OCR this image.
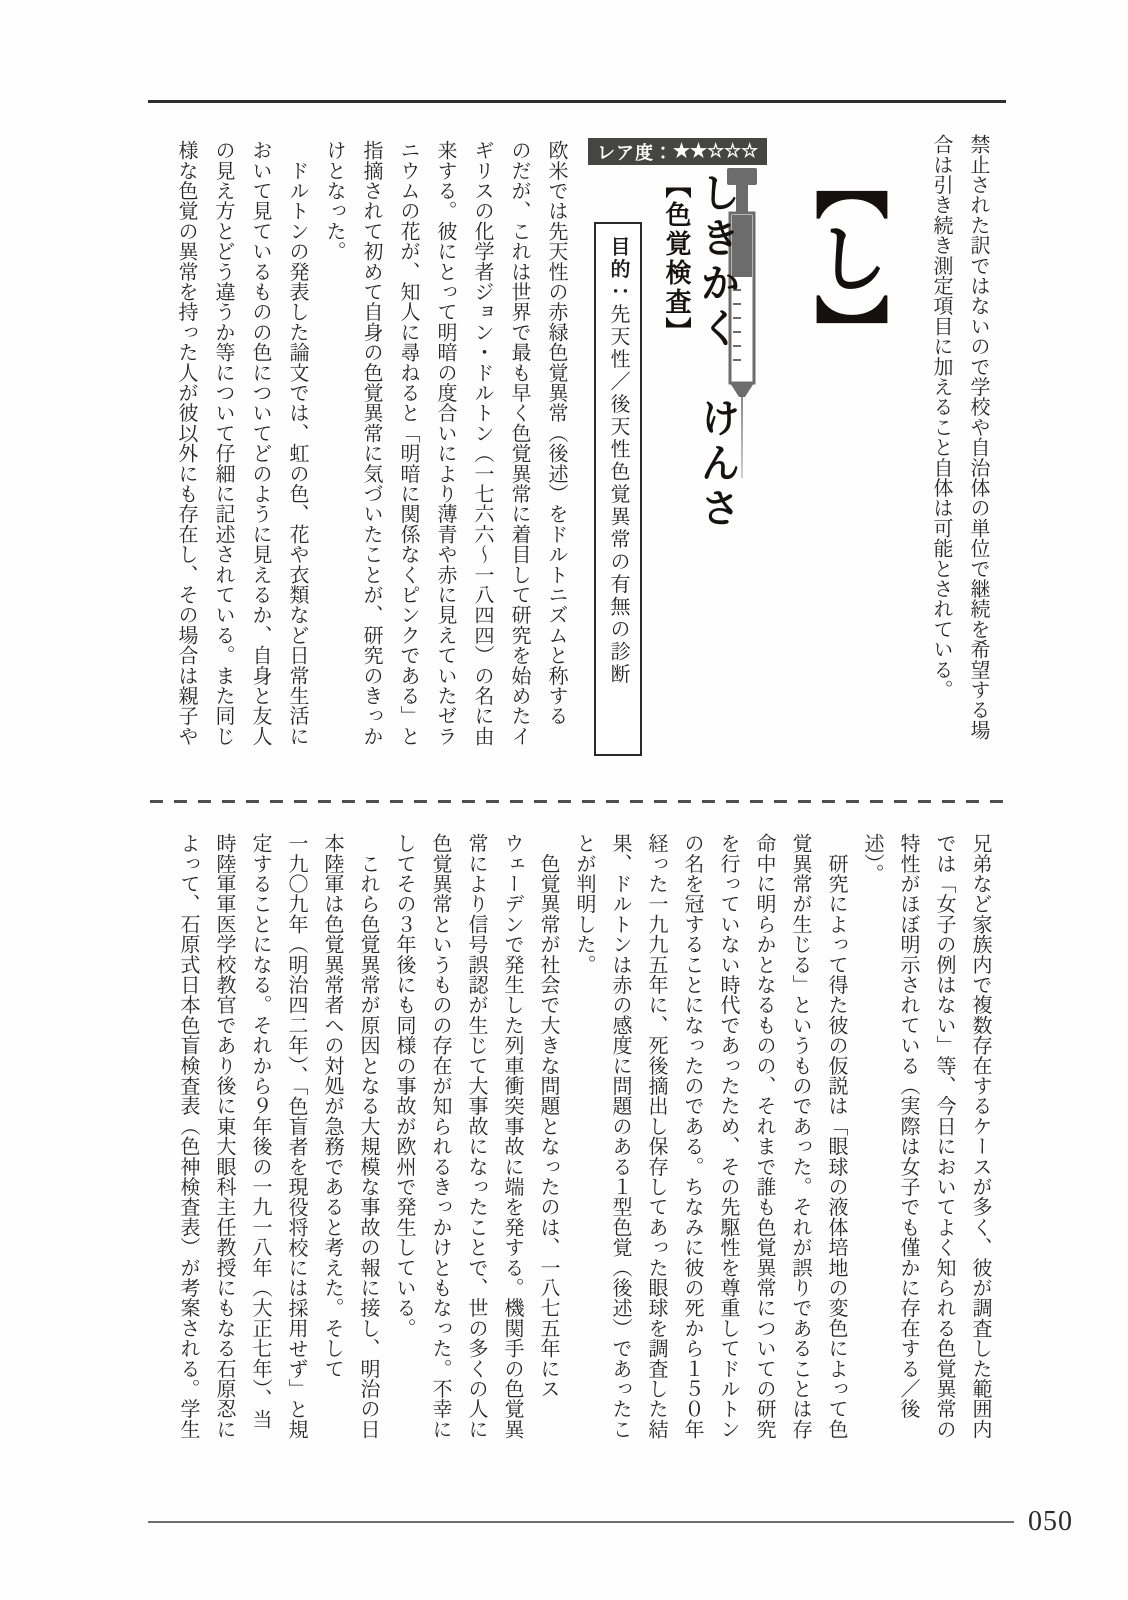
禁止された訳ではないので学校や自治体の単位で継続を希望する場
合は引き続き測定項目に加えること自体は可能とされている。
【し】
レア度： ★★☆☆☆
しきかく　けんさ
【色覚検査】
目的：先天性／後天性色覚異常の有無の診断
欧米では先天性の赤緑色覚異常（後述）をドルトニズムと称する
のだが、これは世界で最も早く色覚異常に着目して研究を始めたイ
ギリスの化学者ジョン・ドルトン（一七六六～一八四四）の名に由
来する。彼にとって明暗の度合いにより薄青や赤に見えていたゼラ
ニウムの花が、知人に尋ねると「明暗に関係なくピンクである」と
指摘されて初めて自身の色覚異常に気づいたことが、研究のきっか
けとなった。
　ドルトンの発表した論文では、虹の色、花や衣類など日常生活に
おいて見ているものの色についてどのように見えるか、自身と友人
の見え方とどう違うか等について仔細に記述されている。また同じ
様な色覚の異常を持った人が彼以外にも存在し、その場合は親子や
兄弟など家族内で複数存在するケースが多く、彼が調査した範囲内
では「女子の例はない」等、今日においてよく知られる色覚異常の
特性がほぼ明示されている（実際は女子でも僅かに存在する／後述）。
　研究によって得た彼の仮説は「眼球の液体培地の変色によって色
覚異常が生じる」というものであった。それが誤りであることは存
命中に明らかとなるものの、それまで誰も色覚異常についての研究
を行っていない時代であったため、その先駆性を尊重してドルトン
の名を冠することになったのである。ちなみに彼の死から１５０年
経った一九九五年に、死後摘出し保存してあった眼球を調査した結
果、ドルトンは赤の感度に問題のある１型色覚（後述）であったこ
とが判明した。
　色覚異常が社会で大きな問題となったのは、一八七五年にス
ウェーデンで発生した列車衝突事故に端を発する。機関手の色覚異
常により信号誤認が生じて大事故になったことで、世の多くの人に
色覚異常というものの存在が知られるきっかけともなった。不幸に
してその３年後にも同様の事故が欧州で発生している。
　これら色覚異常が原因となる大規模な事故の報に接し、明治の日
本陸軍は色覚異常者への対処が急務であると考えた。そして
一九〇九年（明治四二年）、「色盲者を現役将校には採用せず」と規
定することになる。それから９年後の一九一八年（大正七年）、当
時陸軍軍医学校教官であり後に東大眼科主任教授にもなる石原忍に
よって、石原式日本色盲検査表（色神検査表）が考案される。学生
050
